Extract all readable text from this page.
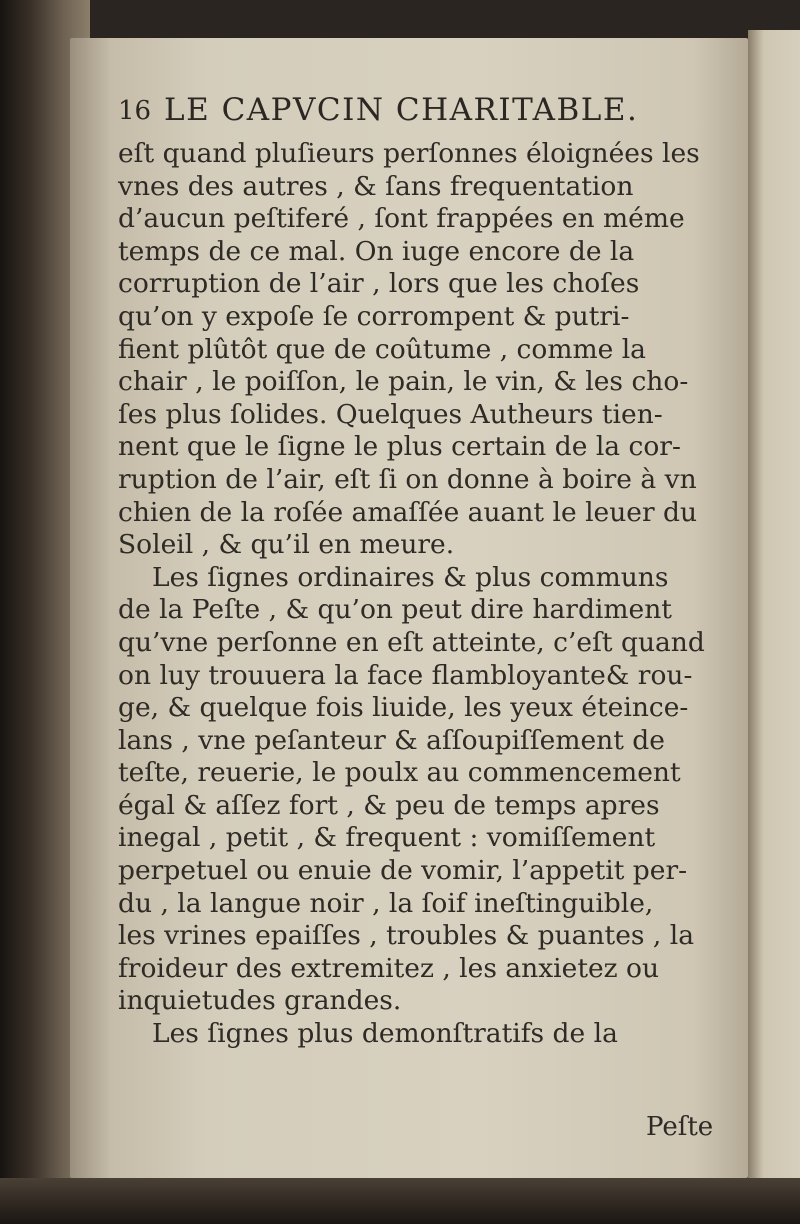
16 LE CAPVCIN CHARITABLE.
eſt quand pluſieurs perſonnes éloignées les
vnes des autres , & ſans frequentation
d’aucun peſtiferé , ſont frappées en méme
temps de ce mal. On iuge encore de la
corruption de l’air , lors que les choſes
qu’on y expoſe ſe corrompent & putri-
fient plûtôt que de coûtume , comme la
chair , le poiſſon, le pain, le vin, & les cho-
ſes plus ſolides. Quelques Autheurs tien-
nent que le ſigne le plus certain de la cor-
ruption de l’air, eſt ſi on donne à boire à vn
chien de la roſée amaſſée auant le leuer du
Soleil , & qu’il en meure.
Les ſignes ordinaires & plus communs
de la Peſte , & qu’on peut dire hardiment
qu’vne perſonne en eſt atteinte, c’eſt quand
on luy trouuera la face flambloyante& rou-
ge, & quelque fois liuide, les yeux éteince-
lans , vne peſanteur & aſſoupiſſement de
teſte, reuerie, le poulx au commencement
égal & aſſez fort , & peu de temps apres
inegal , petit , & frequent : vomiſſement
perpetuel ou enuie de vomir, l’appetit per-
du , la langue noir , la ſoif ineſtinguible,
les vrines epaiſſes , troubles & puantes , la
froideur des extremitez , les anxietez ou
inquietudes grandes.
Les ſignes plus demonſtratifs de la
Peſte
